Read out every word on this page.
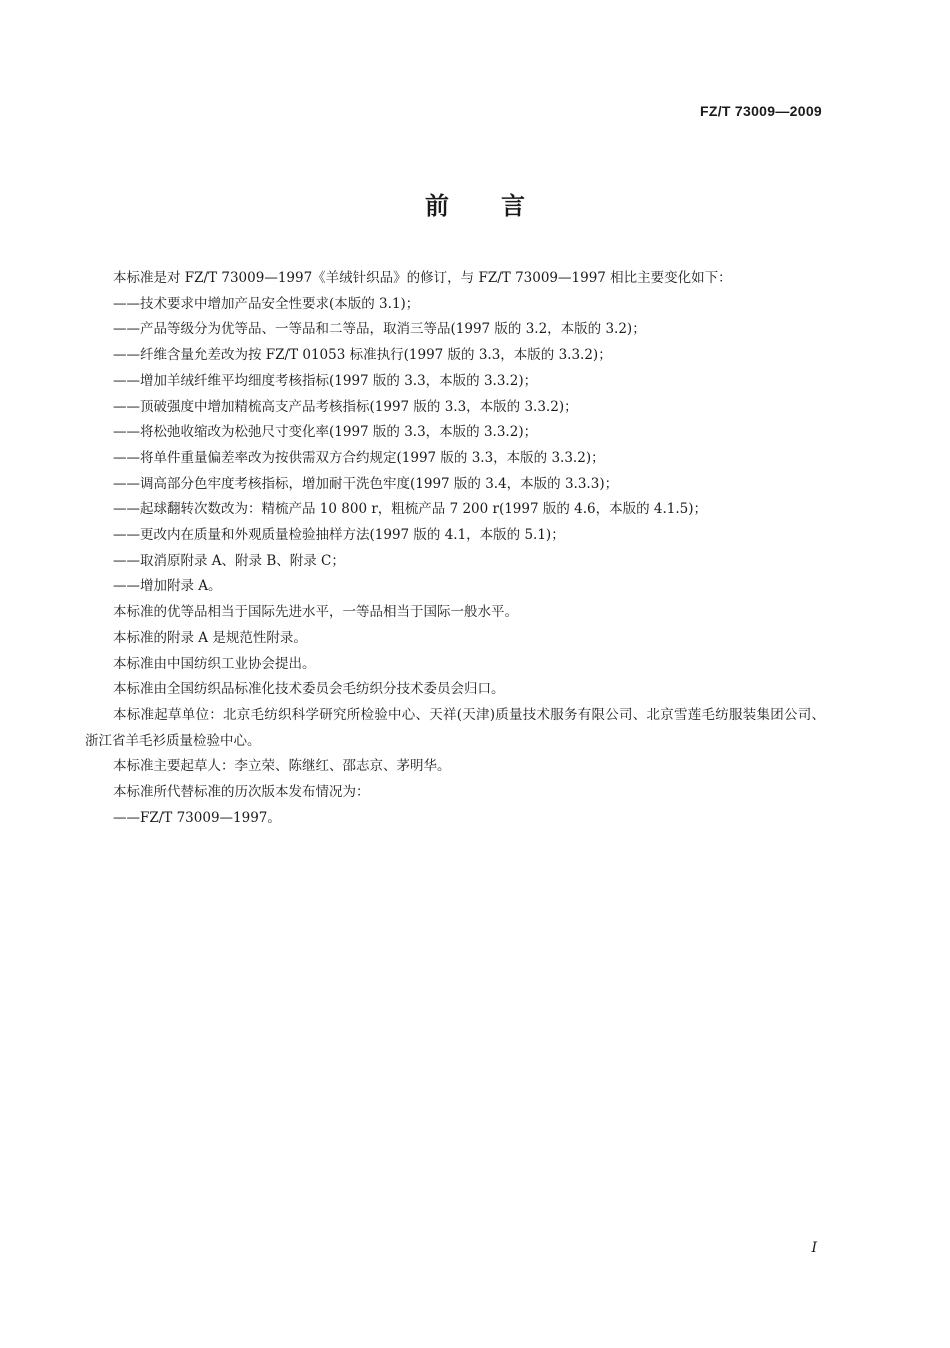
FZ/T 73009—2009
前言

本标准是对 FZ/T 73009—1997《羊绒针织品》的修订，与 FZ/T 73009—1997 相比主要变化如下：

——技术要求中增加产品安全性要求(本版的 3.1)；

——产品等级分为优等品、一等品和二等品，取消三等品(1997 版的 3.2，本版的 3.2)；

——纤维含量允差改为按 FZ/T 01053 标准执行(1997 版的 3.3，本版的 3.3.2)；

——增加羊绒纤维平均细度考核指标(1997 版的 3.3，本版的 3.3.2)；

——顶破强度中增加精梳高支产品考核指标(1997 版的 3.3，本版的 3.3.2)；

——将松弛收缩改为松弛尺寸变化率(1997 版的 3.3，本版的 3.3.2)；

——将单件重量偏差率改为按供需双方合约规定(1997 版的 3.3，本版的 3.3.2)；

——调高部分色牢度考核指标，增加耐干洗色牢度(1997 版的 3.4，本版的 3.3.3)；

——起球翻转次数改为：精梳产品 10 800 r，粗梳产品 7 200 r(1997 版的 4.6，本版的 4.1.5)；

——更改内在质量和外观质量检验抽样方法(1997 版的 4.1，本版的 5.1)；

——取消原附录 A、附录 B、附录 C；

——增加附录 A。

本标准的优等品相当于国际先进水平，一等品相当于国际一般水平。

本标准的附录 A 是规范性附录。

本标准由中国纺织工业协会提出。

本标准由全国纺织品标准化技术委员会毛纺织分技术委员会归口。

本标准起草单位：北京毛纺织科学研究所检验中心、天祥(天津)质量技术服务有限公司、北京雪莲毛纺服装集团公司、浙江省羊毛衫质量检验中心。

本标准主要起草人：李立荣、陈继红、邵志京、茅明华。

本标准所代替标准的历次版本发布情况为：

——FZ/T 73009—1997。

I
